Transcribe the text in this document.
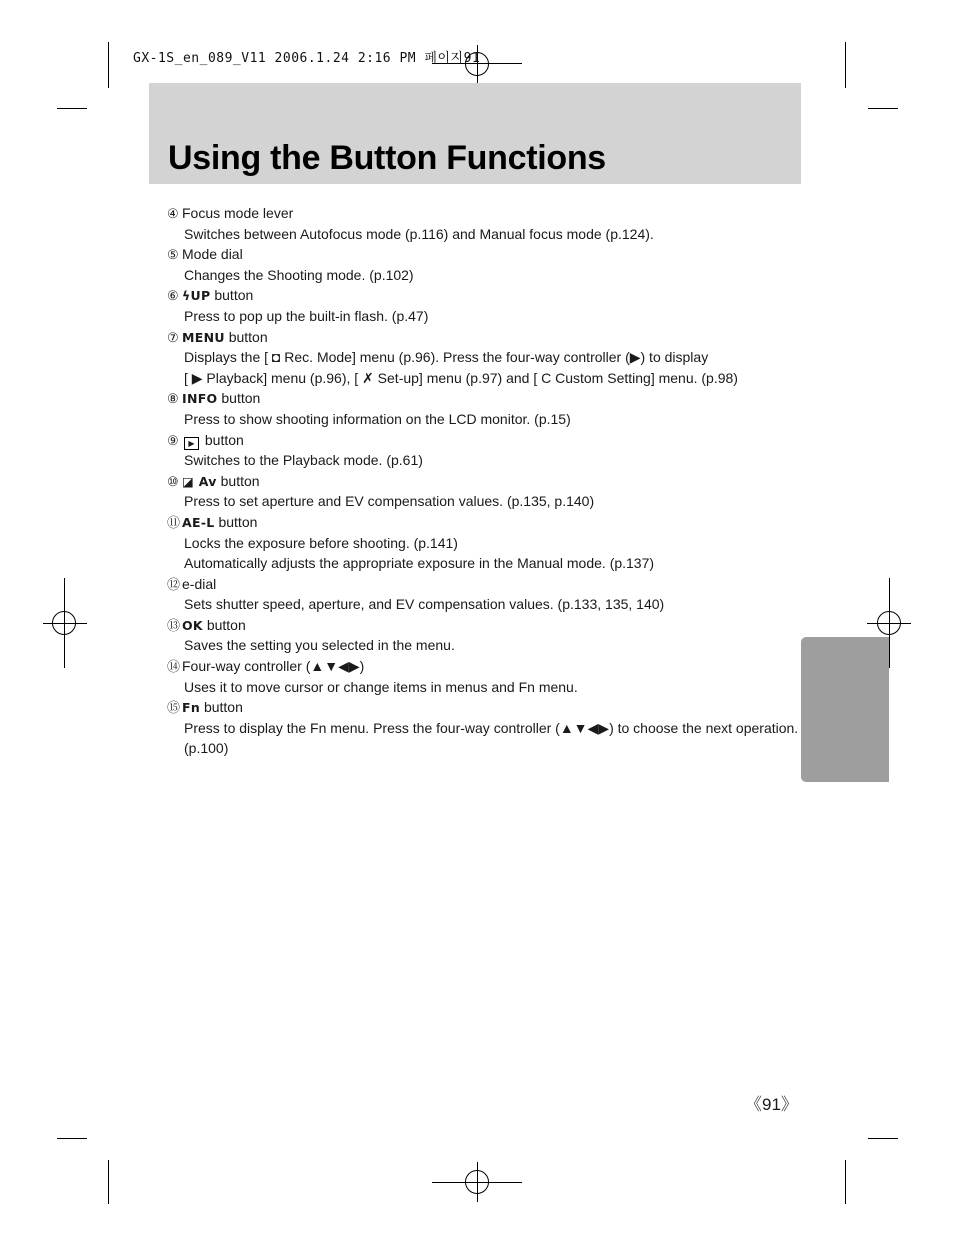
GX-1S_en_089_V11 2006.1.24 2:16 PM 페이지91
Using the Button Functions
④ Focus mode lever
Switches between Autofocus mode (p.116) and Manual focus mode (p.124).
⑤ Mode dial
Changes the Shooting mode. (p.102)
⑥ ϟUP button
Press to pop up the built-in flash. (p.47)
⑦ MENU button
Displays the [ ◘ Rec. Mode] menu (p.96). Press the four-way controller (▶) to display
[ ▶ Playback] menu (p.96), [ ✗ Set-up] menu (p.97) and [ C Custom Setting] menu. (p.98)
⑧ INFO button
Press to show shooting information on the LCD monitor. (p.15)
⑨ ▶ button
Switches to the Playback mode. (p.61)
⑩ ◪ Av button
Press to set aperture and EV compensation values. (p.135, p.140)
⑪ AE-L button
Locks the exposure before shooting. (p.141)
Automatically adjusts the appropriate exposure in the Manual mode. (p.137)
⑫ e-dial
Sets shutter speed, aperture, and EV compensation values. (p.133, 135, 140)
⑬ OK button
Saves the setting you selected in the menu.
⑭ Four-way controller (▲▼◀▶)
Uses it to move cursor or change items in menus and Fn menu.
⑮ Fn button
Press to display the Fn menu. Press the four-way controller (▲▼◀▶) to choose the next operation.
(p.100)
《91》
